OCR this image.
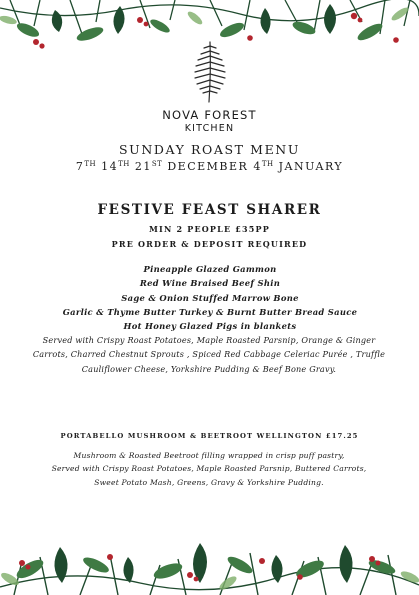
NOVA FOREST
KITCHEN
SUNDAY ROAST MENU
7TH 14TH 21ST DECEMBER 4TH JANUARY
FESTIVE FEAST SHARER
MIN 2 PEOPLE £35PP
PRE ORDER & DEPOSIT REQUIRED
Pineapple Glazed Gammon
Red Wine Braised Beef Shin
Sage & Onion Stuffed Marrow Bone
Garlic & Thyme Butter Turkey & Burnt Butter Bread Sauce
Hot Honey Glazed Pigs in blankets
Served with Crispy Roast Potatoes, Maple Roasted Parsnip, Orange & Ginger Carrots, Charred Chestnut Sprouts , Spiced Red Cabbage Celeriac Purée , Truffle Cauliflower Cheese, Yorkshire Pudding & Beef Bone Gravy.
PORTABELLO MUSHROOM & BEETROOT WELLINGTON £17.25
Mushroom & Roasted Beetroot filling wrapped in crisp puff pastry,
Served with Crispy Roast Potatoes, Maple Roasted Parsnip, Buttered Carrots, Sweet Potato Mash, Greens, Gravy & Yorkshire Pudding.
